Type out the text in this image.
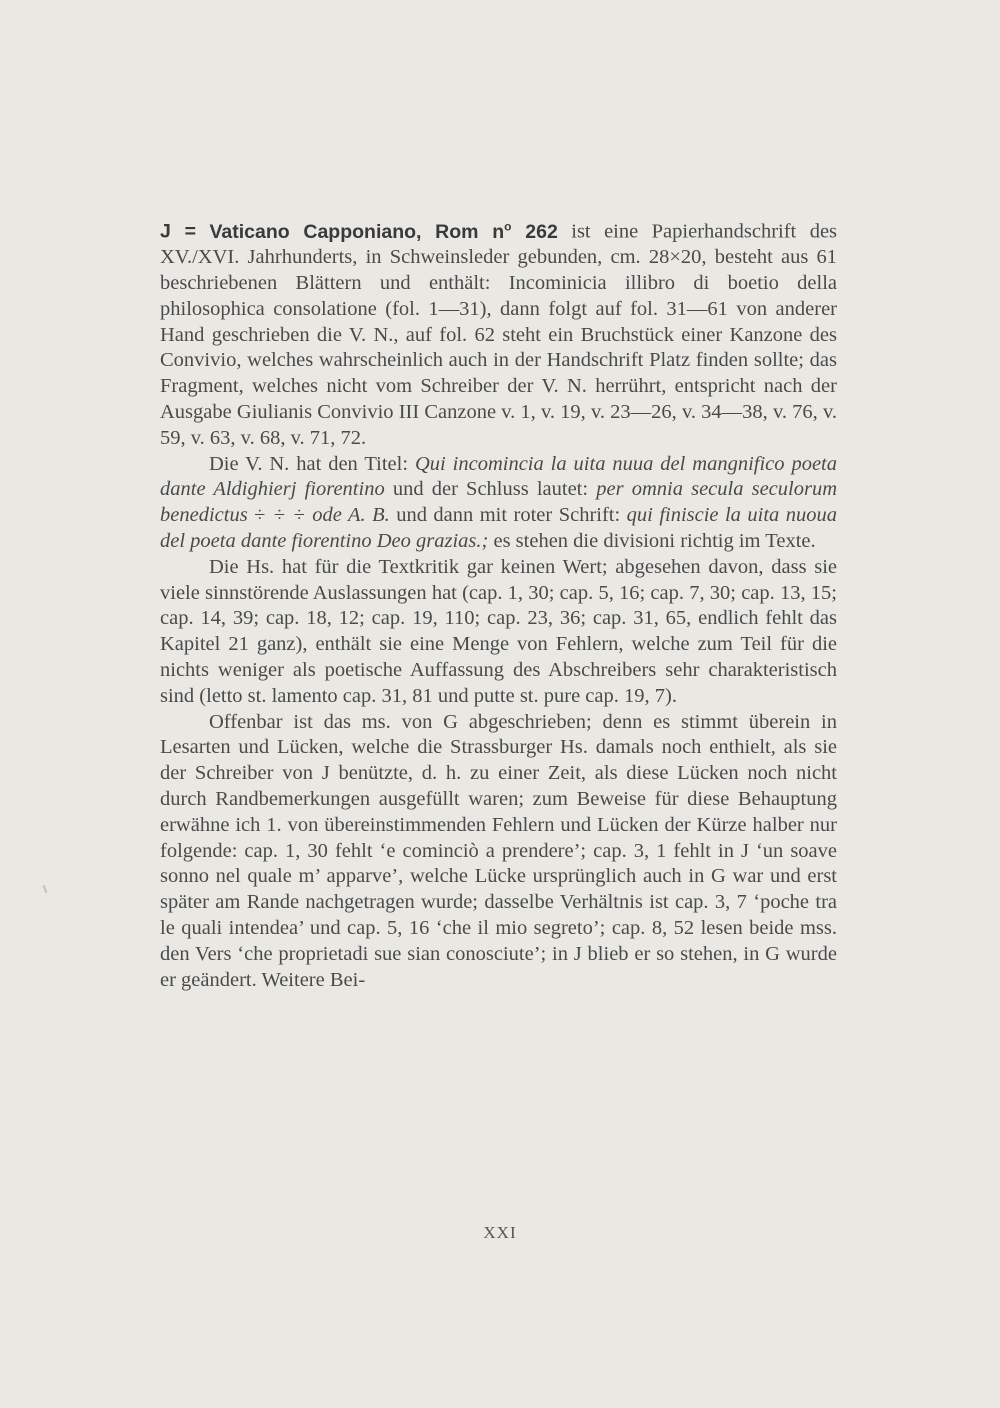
J = Vaticano Capponiano, Rom $n^o$ 262 ist eine Papierhandschrift des XV./XVI. Jahrhunderts, in Schweinsleder gebunden, cm. 28×20, besteht aus 61 beschriebenen Blättern und enthält: Incominicia illibro di boetio della philosophica consolatione (fol. 1—31), dann folgt auf fol. 31—61 von anderer Hand geschrieben die V. N., auf fol. 62 steht ein Bruchstück einer Kanzone des Convivio, welches wahrscheinlich auch in der Handschrift Platz finden sollte; das Fragment, welches nicht vom Schreiber der V. N. herrührt, entspricht nach der Ausgabe Giulianis Convivio III Canzone v. 1, v. 19, v. 23—26, v. 34—38, v. 76, v. 59, v. 63, v. 68, v. 71, 72.

Die V. N. hat den Titel: Qui incomincia la uita nuua del mangnifico poeta dante Aldighierj fiorentino und der Schluss lautet: per omnia secula seculorum benedictus ÷ ÷ ÷ ode A. B. und dann mit roter Schrift: qui finiscie la uita nuoua del poeta dante fiorentino Deo grazias.; es stehen die divisioni richtig im Texte.

Die Hs. hat für die Textkritik gar keinen Wert; abgesehen davon, dass sie viele sinnstörende Auslassungen hat (cap. 1, 30; cap. 5, 16; cap. 7, 30; cap. 13, 15; cap. 14, 39; cap. 18, 12; cap. 19, 110; cap. 23, 36; cap. 31, 65, endlich fehlt das Kapitel 21 ganz), enthält sie eine Menge von Fehlern, welche zum Teil für die nichts weniger als poetische Auffassung des Abschreibers sehr charakteristisch sind (letto st. lamento cap. 31, 81 und putte st. pure cap. 19, 7).

Offenbar ist das ms. von G abgeschrieben; denn es stimmt überein in Lesarten und Lücken, welche die Strassburger Hs. damals noch enthielt, als sie der Schreiber von J benützte, d. h. zu einer Zeit, als diese Lücken noch nicht durch Randbemerkungen ausgefüllt waren; zum Beweise für diese Behauptung erwähne ich 1. von übereinstimmenden Fehlern und Lücken der Kürze halber nur folgende: cap. 1, 30 fehlt ‘e cominciò a prendere’; cap. 3, 1 fehlt in J ‘un soave sonno nel quale m’ apparve’, welche Lücke ursprünglich auch in G war und erst später am Rande nachgetragen wurde; dasselbe Verhältnis ist cap. 3, 7 ‘poche tra le quali intendea’ und cap. 5, 16 ‘che il mio segreto’; cap. 8, 52 lesen beide mss. den Vers ‘che proprietadi sue sian conosciute’; in J blieb er so stehen, in G wurde er geändert. Weitere Bei-

XXI
